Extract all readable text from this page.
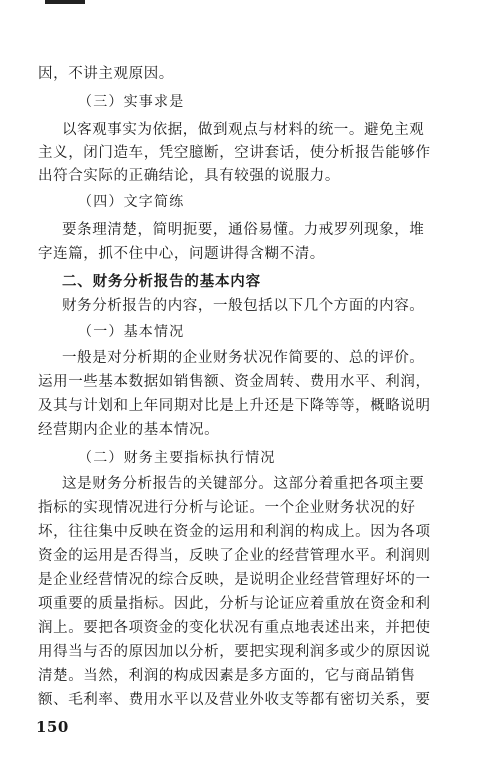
因，不讲主观原因。
（三）实事求是
以客观事实为依据，做到观点与材料的统一。避免主观
主义，闭门造车，凭空臆断，空讲套话，使分析报告能够作
出符合实际的正确结论，具有较强的说服力。
（四）文字简练
要条理清楚，简明扼要，通俗易懂。力戒罗列现象，堆
字连篇，抓不住中心，问题讲得含糊不清。
二、财务分析报告的基本内容
财务分析报告的内容，一般包括以下几个方面的内容。
（一）基本情况
一般是对分析期的企业财务状况作简要的、总的评价。
运用一些基本数据如销售额、资金周转、费用水平、利润，
及其与计划和上年同期对比是上升还是下降等等，概略说明
经营期内企业的基本情况。
（二）财务主要指标执行情况
这是财务分析报告的关键部分。这部分着重把各项主要
指标的实现情况进行分析与论证。一个企业财务状况的好
坏，往往集中反映在资金的运用和利润的构成上。因为各项
资金的运用是否得当，反映了企业的经营管理水平。利润则
是企业经营情况的综合反映，是说明企业经营管理好坏的一
项重要的质量指标。因此，分析与论证应着重放在资金和利
润上。要把各项资金的变化状况有重点地表述出来，并把使
用得当与否的原因加以分析，要把实现利润多或少的原因说
清楚。当然，利润的构成因素是多方面的，它与商品销售
额、毛利率、费用水平以及营业外收支等都有密切关系，要
150
